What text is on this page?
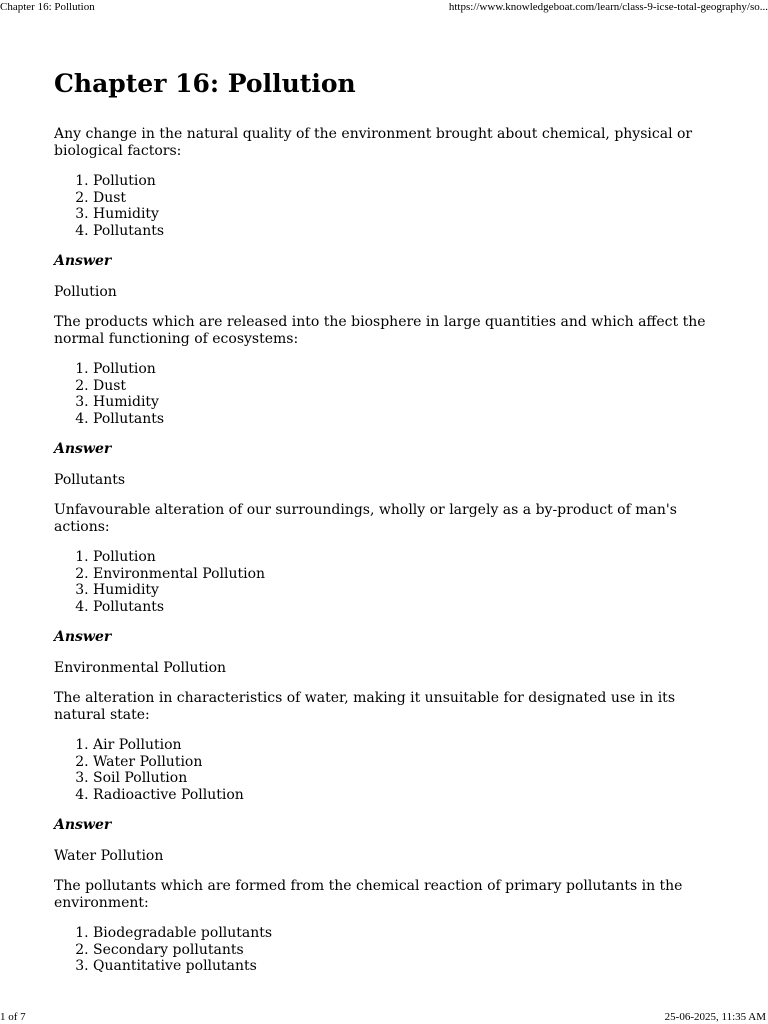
Chapter 16: Pollution	https://www.knowledgeboat.com/learn/class-9-icse-total-geography/so...
Chapter 16: Pollution

Any change in the natural quality of the environment brought about chemical, physical or biological factors:

1. Pollution
2. Dust
3. Humidity
4. Pollutants

Answer

Pollution

The products which are released into the biosphere in large quantities and which affect the normal functioning of ecosystems:

1. Pollution
2. Dust
3. Humidity
4. Pollutants

Answer

Pollutants

Unfavourable alteration of our surroundings, wholly or largely as a by-product of man's actions:

1. Pollution
2. Environmental Pollution
3. Humidity
4. Pollutants

Answer

Environmental Pollution

The alteration in characteristics of water, making it unsuitable for designated use in its natural state:

1. Air Pollution
2. Water Pollution
3. Soil Pollution
4. Radioactive Pollution

Answer

Water Pollution

The pollutants which are formed from the chemical reaction of primary pollutants in the environment:

1. Biodegradable pollutants
2. Secondary pollutants
3. Quantitative pollutants
1 of 7	25-06-2025, 11:35 AM
